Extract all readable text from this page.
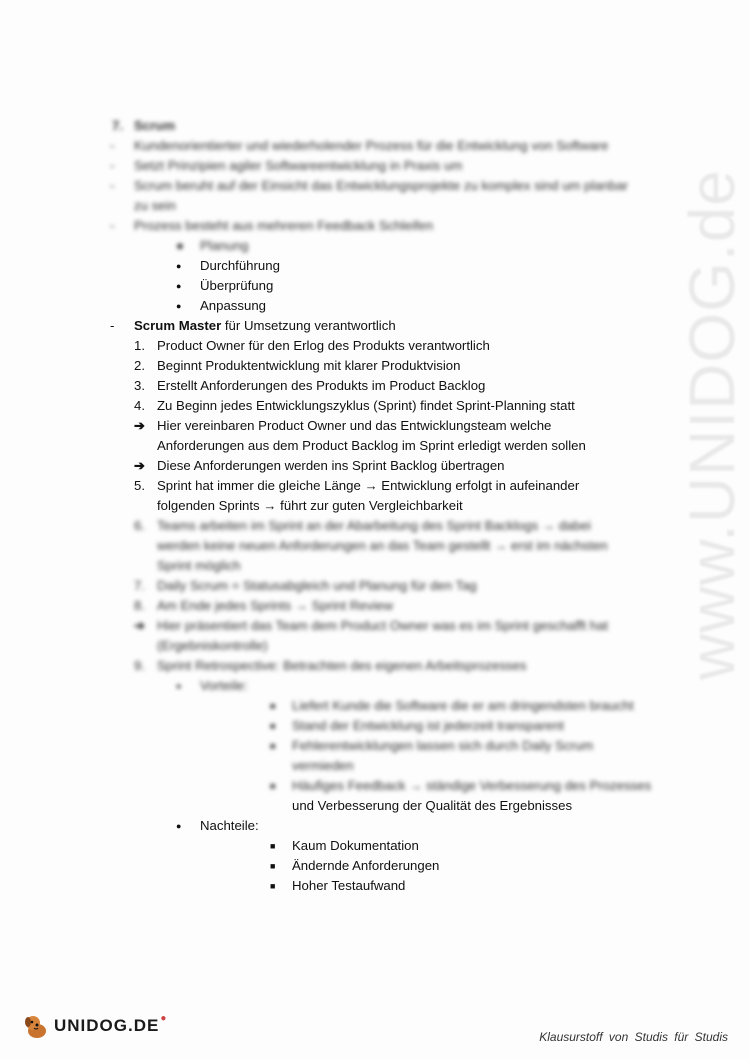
www.UNIDOG.de
7. Scrum
- Kundenorientierter und wiederholender Prozess für die Entwicklung von Software
- Setzt Prinzipien agiler Softwareentwicklung in Praxis um
- Scrum beruht auf der Einsicht das Entwicklungsprojekte zu komplex sind um planbar
zu sein
- Prozess besteht aus mehreren Feedback Schleifen
● Planung
● Durchführung
● Überprüfung
● Anpassung
- Scrum Master für Umsetzung verantwortlich
1. Product Owner für den Erlog des Produkts verantwortlich
2. Beginnt Produktentwicklung mit klarer Produktvision
3. Erstellt Anforderungen des Produkts im Product Backlog
4. Zu Beginn jedes Entwicklungszyklus (Sprint) findet Sprint-Planning statt
➔ Hier vereinbaren Product Owner und das Entwicklungsteam welche
Anforderungen aus dem Product Backlog im Sprint erledigt werden sollen
➔ Diese Anforderungen werden ins Sprint Backlog übertragen
5. Sprint hat immer die gleiche Länge → Entwicklung erfolgt in aufeinander
folgenden Sprints → führt zur guten Vergleichbarkeit
6. Teams arbeiten im Sprint an der Abarbeitung des Sprint Backlogs → dabei
werden keine neuen Anforderungen an das Team gestellt → erst im nächsten
Sprint möglich
7. Daily Scrum = Statusabgleich und Planung für den Tag
8. Am Ende jedes Sprints → Sprint Review
➔ Hier präsentiert das Team dem Product Owner was es im Sprint geschafft hat
(Ergebniskontrolle)
9. Sprint Retrospective: Betrachten des eigenen Arbeitsprozesses
● Vorteile:
■ Liefert Kunde die Software die er am dringendsten braucht
■ Stand der Entwicklung ist jederzeit transparent
■ Fehlerentwicklungen lassen sich durch Daily Scrum
vermieden
■ Häufiges Feedback → ständige Verbesserung des Prozesses
und Verbesserung der Qualität des Ergebnisses
● Nachteile:
■ Kaum Dokumentation
■ Ändernde Anforderungen
■ Hoher Testaufwand
UNIDOG.DE ●
Klausurstoff von Studis für Studis
